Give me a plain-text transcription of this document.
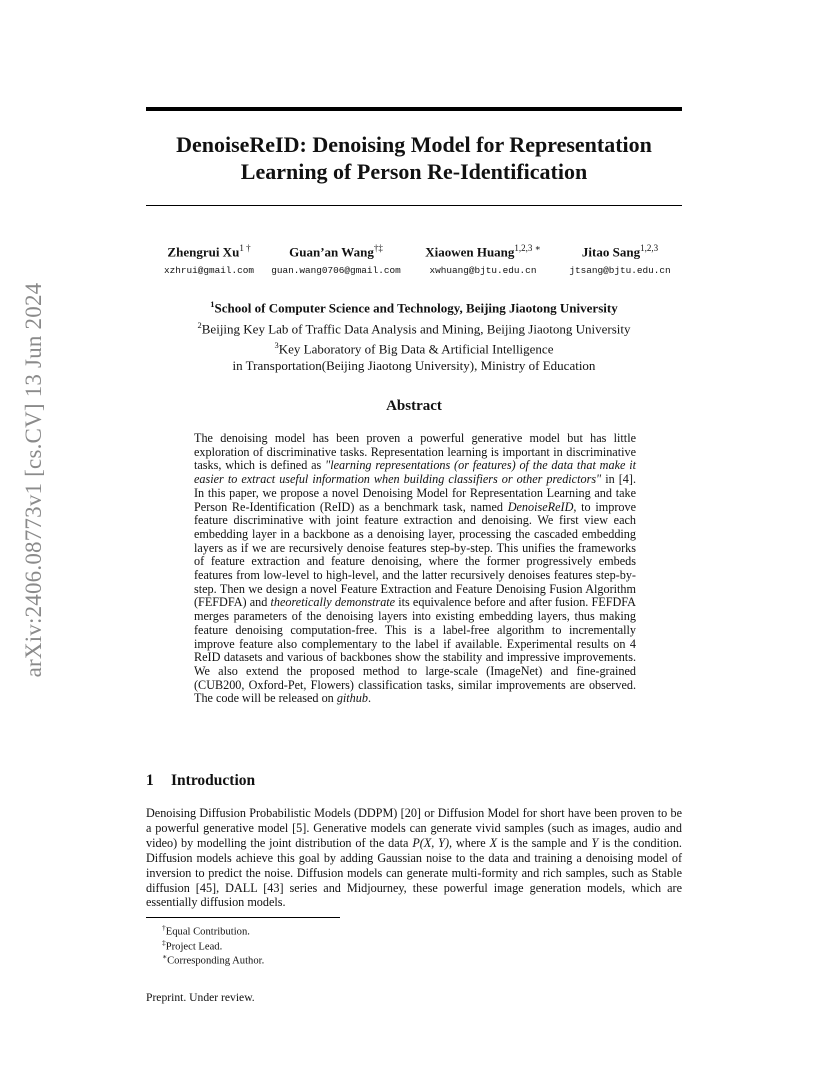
arXiv:2406.08773v1 [cs.CV] 13 Jun 2024
DenoiseReID: Denoising Model for Representation
Learning of Person Re-Identification
Zhengrui $Xu^{1 \dagger}$
xzhrui@gmail.com
Guan’an Wang†‡
guan.wang0706@gmail.com
Xiaowen Huang$^{1,2,3 ∗}$
xwhuang@bjtu.edu.cn
Jitao Sang$^{1,2,3}$
jtsang@bjtu.edu.cn
$^1$School of Computer Science and Technology, Beijing Jiaotong University
$^2$Beijing Key Lab of Traffic Data Analysis and Mining, Beijing Jiaotong University
$^3$Key Laboratory of Big Data & Artificial Intelligence
in Transportation(Beijing Jiaotong University), Ministry of Education
Abstract
The denoising model has been proven a powerful generative model but has little exploration of discriminative tasks. Representation learning is important in discriminative tasks, which is defined as "learning representations (or features) of the data that make it easier to extract useful information when building classifiers or other predictors" in [4]. In this paper, we propose a novel Denoising Model for Representation Learning and take Person Re-Identification (ReID) as a benchmark task, named DenoiseReID, to improve feature discriminative with joint feature extraction and denoising. We first view each embedding layer in a backbone as a denoising layer, processing the cascaded embedding layers as if we are recursively denoise features step-by-step. This unifies the frameworks of feature extraction and feature denoising, where the former progressively embeds features from low-level to high-level, and the latter recursively denoises features step-by-step. Then we design a novel Feature Extraction and Feature Denoising Fusion Algorithm (FEFDFA) and theoretically demonstrate its equivalence before and after fusion. FEFDFA merges parameters of the denoising layers into existing embedding layers, thus making feature denoising computation-free. This is a label-free algorithm to incrementally improve feature also complementary to the label if available. Experimental results on 4 ReID datasets and various of backbones show the stability and impressive improvements. We also extend the proposed method to large-scale (ImageNet) and fine-grained (CUB200, Oxford-Pet, Flowers) classification tasks, similar improvements are observed. The code will be released on github.
1 Introduction
Denoising Diffusion Probabilistic Models (DDPM) [20] or Diffusion Model for short have been proven to be a powerful generative model [5]. Generative models can generate vivid samples (such as images, audio and video) by modelling the joint distribution of the data P(X, Y), where X is the sample and Y is the condition. Diffusion models achieve this goal by adding Gaussian noise to the data and training a denoising model of inversion to predict the noise. Diffusion models can generate multi-formity and rich samples, such as Stable diffusion [45], DALL [43] series and Midjourney, these powerful image generation models, which are essentially diffusion models.
†Equal Contribution.
‡Project Lead.
∗Corresponding Author.
Preprint. Under review.
